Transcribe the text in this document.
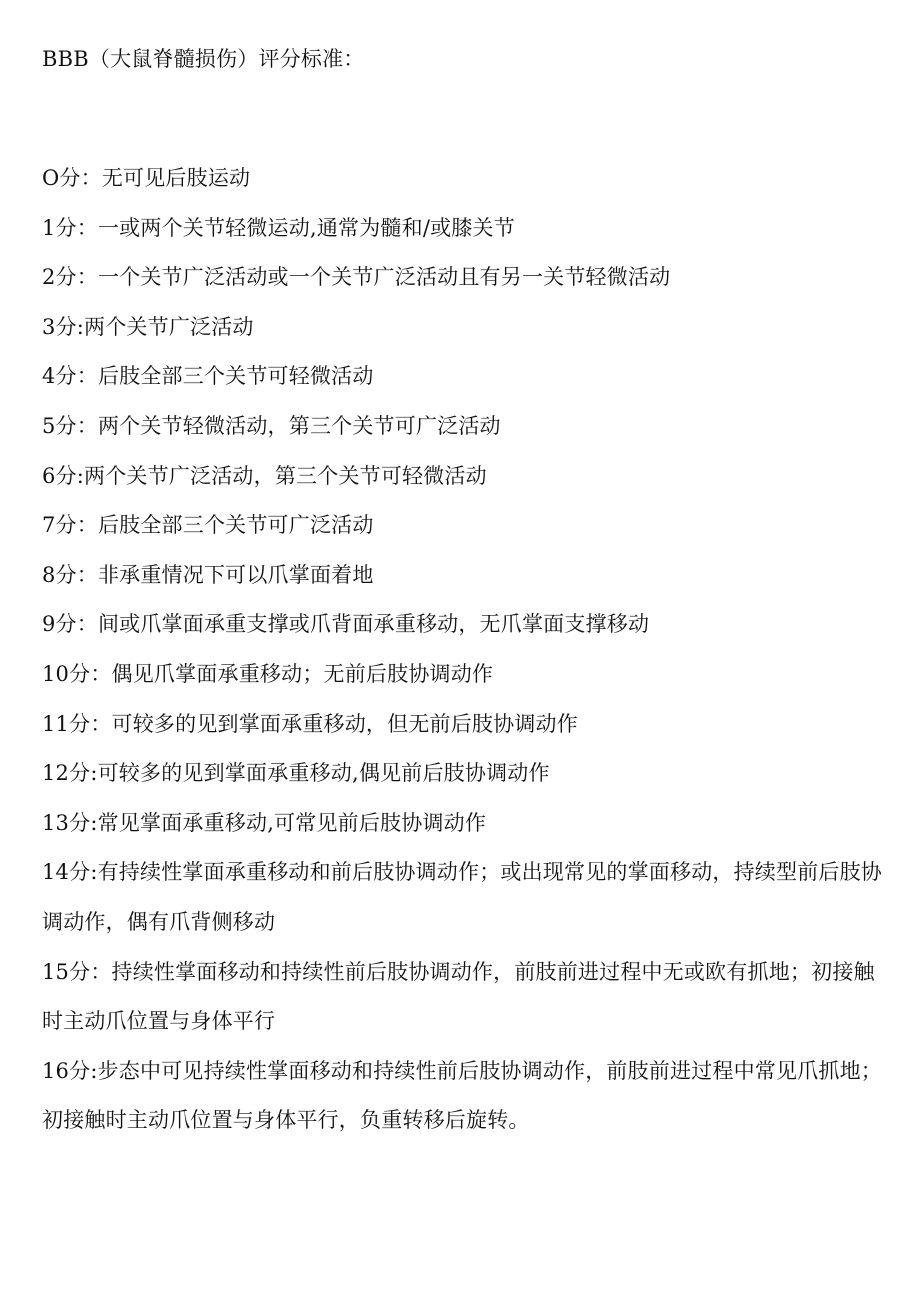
BBB（大鼠脊髓损伤）评分标准：
O分：无可见后肢运动
1分：一或两个关节轻微运动,通常为髓和/或膝关节
2分：一个关节广泛活动或一个关节广泛活动且有另一关节轻微活动
3分:两个关节广泛活动
4分：后肢全部三个关节可轻微活动
5分：两个关节轻微活动，第三个关节可广泛活动
6分:两个关节广泛活动，第三个关节可轻微活动
7分：后肢全部三个关节可广泛活动
8分：非承重情况下可以爪掌面着地
9分：间或爪掌面承重支撑或爪背面承重移动，无爪掌面支撑移动
10分：偶见爪掌面承重移动；无前后肢协调动作
11分：可较多的见到掌面承重移动，但无前后肢协调动作
12分:可较多的见到掌面承重移动,偶见前后肢协调动作
13分:常见掌面承重移动,可常见前后肢协调动作
14分:有持续性掌面承重移动和前后肢协调动作；或出现常见的掌面移动，持续型前后肢协调动作，偶有爪背侧移动
15分：持续性掌面移动和持续性前后肢协调动作，前肢前进过程中无或欧有抓地；初接触时主动爪位置与身体平行
16分:步态中可见持续性掌面移动和持续性前后肢协调动作，前肢前进过程中常见爪抓地；初接触时主动爪位置与身体平行，负重转移后旋转。
